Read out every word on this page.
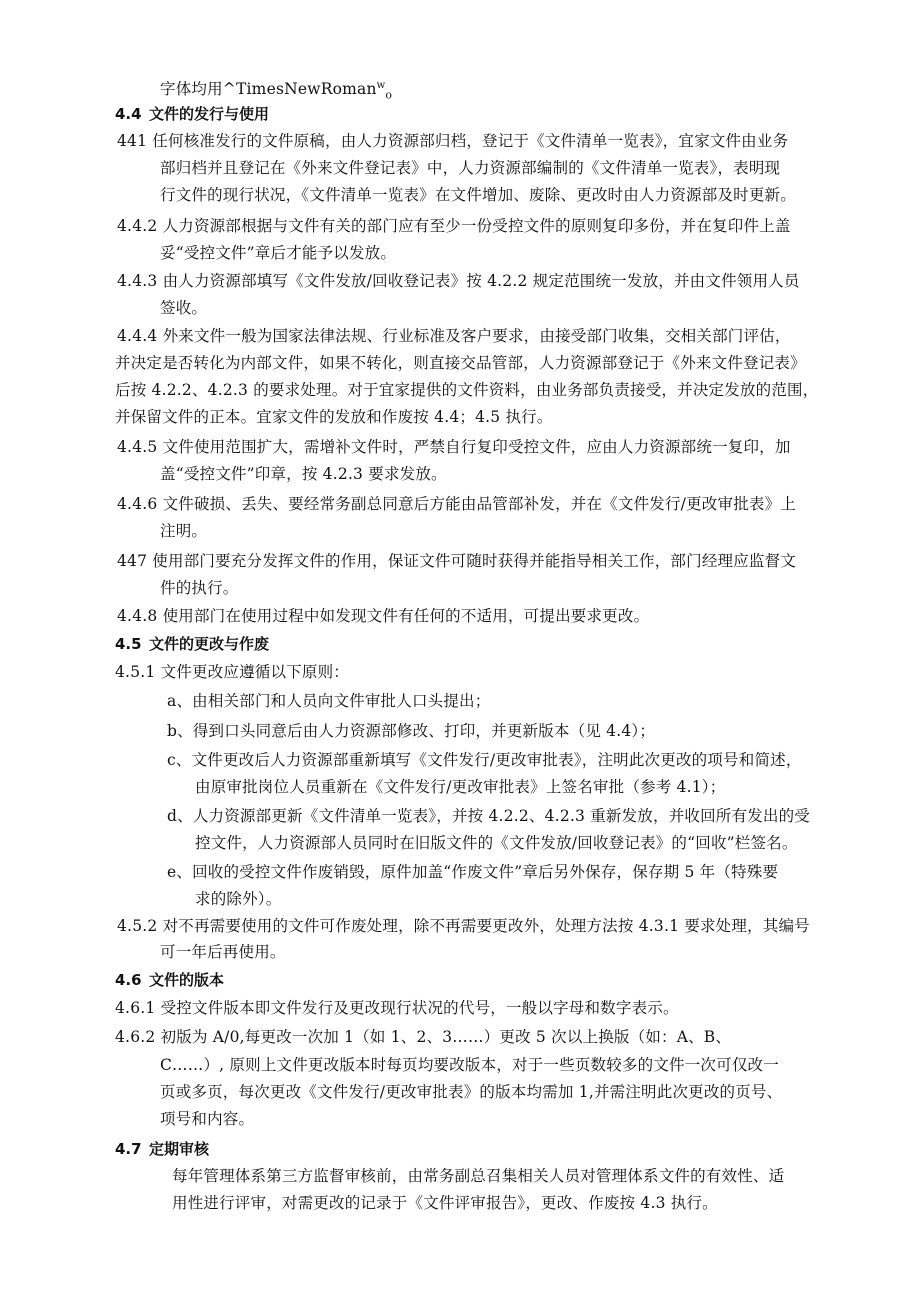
字体均用^TimesNewRoman$^w_o$
4.4 文件的发行与使用
441 任何核准发行的文件原稿，由人力资源部归档，登记于《文件清单一览表》，宜家文件由业务
部归档并且登记在《外来文件登记表》中，人力资源部编制的《文件清单一览表》，表明现
行文件的现行状况，《文件清单一览表》在文件增加、废除、更改时由人力资源部及时更新。
4.4.2 人力资源部根据与文件有关的部门应有至少一份受控文件的原则复印多份，并在复印件上盖
妥“受控文件”章后才能予以发放。
4.4.3 由人力资源部填写《文件发放/回收登记表》按 4.2.2 规定范围统一发放，并由文件领用人员
签收。
4.4.4 外来文件一般为国家法律法规、行业标准及客户要求，由接受部门收集，交相关部门评估，
并决定是否转化为内部文件，如果不转化，则直接交品管部，人力资源部登记于《外来文件登记表》
后按 4.2.2、4.2.3 的要求处理。对于宜家提供的文件资料，由业务部负责接受，并决定发放的范围，
并保留文件的正本。宜家文件的发放和作废按 4.4；4.5 执行。
4.4.5 文件使用范围扩大，需增补文件时，严禁自行复印受控文件，应由人力资源部统一复印，加
盖“受控文件”印章，按 4.2.3 要求发放。
4.4.6 文件破损、丢失、要经常务副总同意后方能由品管部补发，并在《文件发行/更改审批表》上
注明。
447 使用部门要充分发挥文件的作用，保证文件可随时获得并能指导相关工作，部门经理应监督文
件的执行。
4.4.8 使用部门在使用过程中如发现文件有任何的不适用，可提出要求更改。
4.5 文件的更改与作废
4.5.1 文件更改应遵循以下原则：
a、由相关部门和人员向文件审批人口头提出；
b、得到口头同意后由人力资源部修改、打印，并更新版本（见 4.4）；
c、文件更改后人力资源部重新填写《文件发行/更改审批表》，注明此次更改的项号和简述，
由原审批岗位人员重新在《文件发行/更改审批表》上签名审批（参考 4.1）；
d、人力资源部更新《文件清单一览表》，并按 4.2.2、4.2.3 重新发放，并收回所有发出的受
控文件，人力资源部人员同时在旧版文件的《文件发放/回收登记表》的“回收”栏签名。
e、回收的受控文件作废销毁，原件加盖“作废文件”章后另外保存，保存期 5 年（特殊要
求的除外）。
4.5.2 对不再需要使用的文件可作废处理，除不再需要更改外，处理方法按 4.3.1 要求处理，其编号
可一年后再使用。
4.6 文件的版本
4.6.1 受控文件版本即文件发行及更改现行状况的代号，一般以字母和数字表示。
4.6.2 初版为 A/0,每更改一次加 1（如 1、2、3……）更改 5 次以上换版（如：A、B、
C……）, 原则上文件更改版本时每页均要改版本，对于一些页数较多的文件一次可仅改一
页或多页，每次更改《文件发行/更改审批表》的版本均需加 1,并需注明此次更改的页号、
项号和内容。
4.7 定期审核
每年管理体系第三方监督审核前，由常务副总召集相关人员对管理体系文件的有效性、适
用性进行评审，对需更改的记录于《文件评审报告》，更改、作废按 4.3 执行。
